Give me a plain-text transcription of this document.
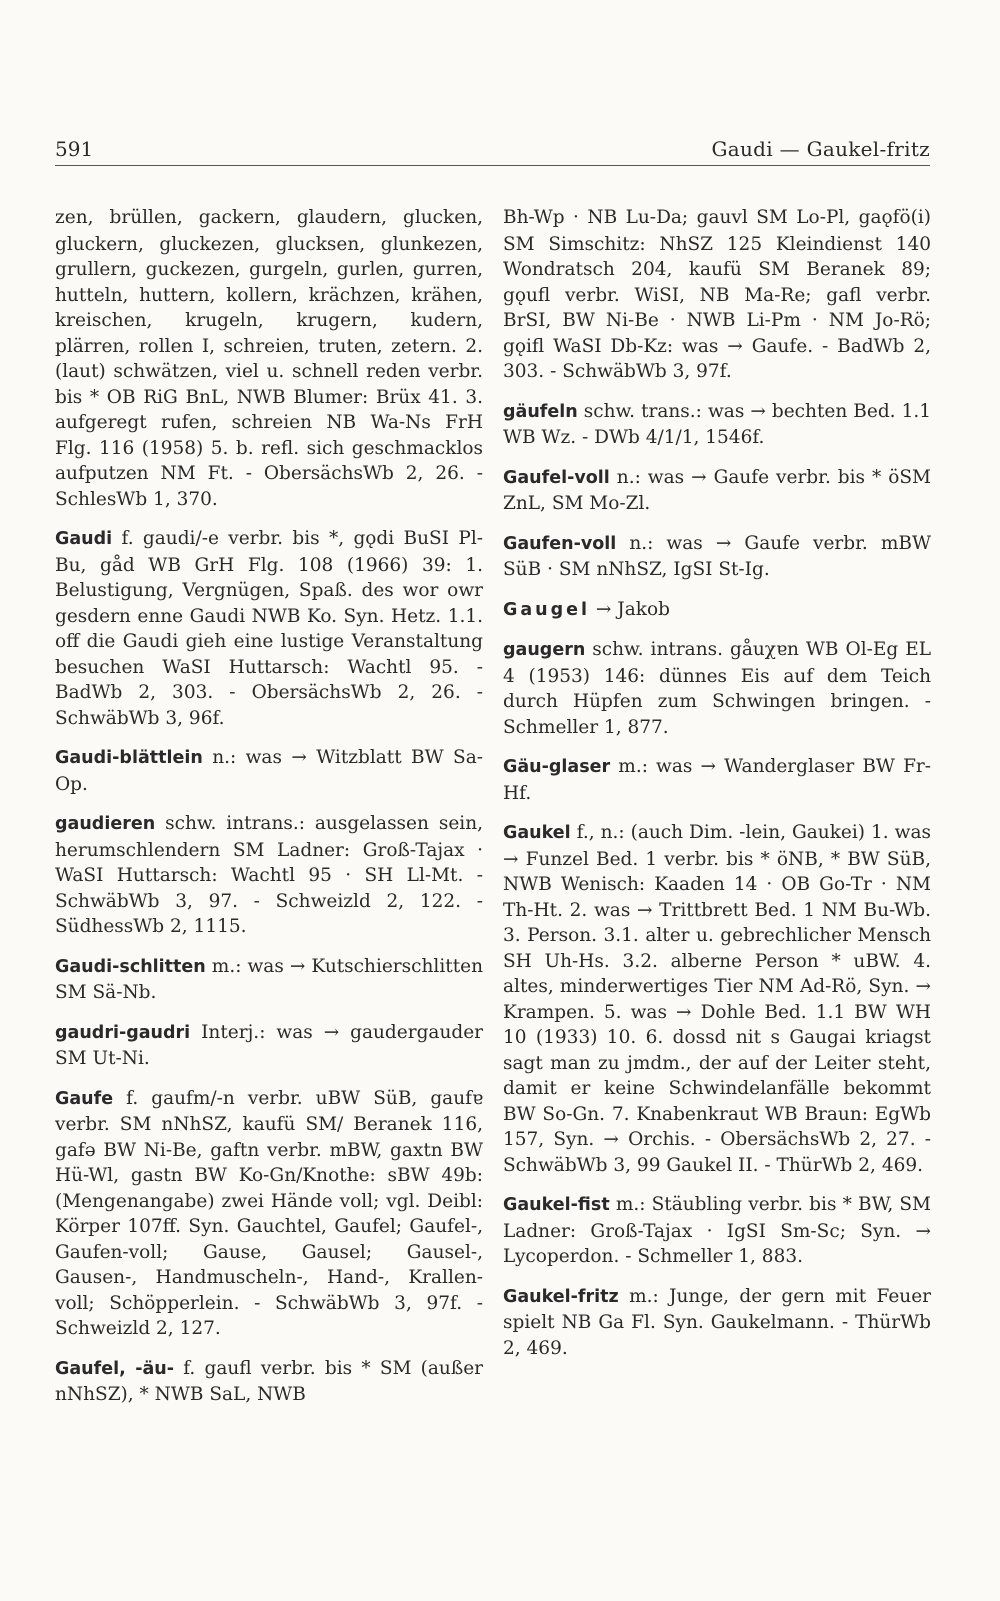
591	Gaudi — Gaukel-fritz

zen, brüllen, gackern, glaudern, glucken, gluckern, gluckezen, glucksen, glunkezen, grullern, guckezen, gurgeln, gurlen, gurren, hutteln, huttern, kollern, krächzen, krähen, kreischen, krugeln, krugern, kudern, plärren, rollen I, schreien, truten, zetern. 2. (laut) schwätzen, viel u. schnell reden verbr. bis * OB RiG BnL, NWB Blumer: Brüx 41. 3. aufgeregt rufen, schreien NB Wa-Ns FrH Flg. 116 (1958) 5. b. refl. sich geschmacklos aufputzen NM Ft. - ObersächsWb 2, 26. - SchlesWb 1, 370.

Gaudi f. gaudi/-e verbr. bis *, gǫdi BuSI Pl-Bu, gåd WB GrH Flg. 108 (1966) 39: 1. Belustigung, Vergnügen, Spaß. des wor owr gesdern enne Gaudi NWB Ko. Syn. Hetz. 1.1. off die Gaudi gieh eine lustige Veranstaltung besuchen WaSI Huttarsch: Wachtl 95. - BadWb 2, 303. - ObersächsWb 2, 26. - SchwäbWb 3, 96f.

Gaudi-blättlein n.: was → Witzblatt BW Sa-Op.

gaudieren schw. intrans.: ausgelassen sein, herumschlendern SM Ladner: Groß-Tajax · WaSI Huttarsch: Wachtl 95 · SH Ll-Mt. - SchwäbWb 3, 97. - Schweizld 2, 122. - SüdhessWb 2, 1115.

Gaudi-schlitten m.: was → Kutschierschlitten SM Sä-Nb.

gaudri-gaudri Interj.: was → gaudergauder SM Ut-Ni.

Gaufe f. gaufm/-n verbr. uBW SüB, gaufɐ verbr. SM nNhSZ, kaufü SM/ Beranek 116, gafə BW Ni-Be, gaftn verbr. mBW, gaxtn BW Hü-Wl, gastn BW Ko-Gn/Knothe: sBW 49b: (Mengenangabe) zwei Hände voll; vgl. Deibl: Körper 107ff. Syn. Gauchtel, Gaufel; Gaufel-, Gaufen-voll; Gause, Gausel; Gausel-, Gausen-, Handmuscheln-, Hand-, Krallen-voll; Schöpperlein. - SchwäbWb 3, 97f. - Schweizld 2, 127.

Gaufel, -äu- f. gaufl verbr. bis * SM (außer nNhSZ), * NWB SaL, NWB

Bh-Wp · NB Lu-Da; gauvl SM Lo-Pl, gaǫfö(i) SM Simschitz: NhSZ 125 Kleindienst 140 Wondratsch 204, kaufü SM Beranek 89; gǫufl verbr. WiSI, NB Ma-Re; gafl verbr. BrSI, BW Ni-Be · NWB Li-Pm · NM Jo-Rö; gǫifl WaSI Db-Kz: was → Gaufe. - BadWb 2, 303. - SchwäbWb 3, 97f.

gäufeln schw. trans.: was → bechten Bed. 1.1 WB Wz. - DWb 4/1/1, 1546f.

Gaufel-voll n.: was → Gaufe verbr. bis * öSM ZnL, SM Mo-Zl.

Gaufen-voll n.: was → Gaufe verbr. mBW SüB · SM nNhSZ, IgSI St-Ig.

Gaugel → Jakob

gaugern schw. intrans. gåuχɐn WB Ol-Eg EL 4 (1953) 146: dünnes Eis auf dem Teich durch Hüpfen zum Schwingen bringen. - Schmeller 1, 877.

Gäu-glaser m.: was → Wanderglaser BW Fr-Hf.

Gaukel f., n.: (auch Dim. -lein, Gaukei) 1. was → Funzel Bed. 1 verbr. bis * öNB, * BW SüB, NWB Wenisch: Kaaden 14 · OB Go-Tr · NM Th-Ht. 2. was → Trittbrett Bed. 1 NM Bu-Wb. 3. Person. 3.1. alter u. gebrechlicher Mensch SH Uh-Hs. 3.2. alberne Person * uBW. 4. altes, minderwertiges Tier NM Ad-Rö, Syn. → Krampen. 5. was → Dohle Bed. 1.1 BW WH 10 (1933) 10. 6. dossd nit s Gaugai kriagst sagt man zu jmdm., der auf der Leiter steht, damit er keine Schwindelanfälle bekommt BW So-Gn. 7. Knabenkraut WB Braun: EgWb 157, Syn. → Orchis. - ObersächsWb 2, 27. - SchwäbWb 3, 99 Gaukel II. - ThürWb 2, 469.

Gaukel-fist m.: Stäubling verbr. bis * BW, SM Ladner: Groß-Tajax · IgSI Sm-Sc; Syn. → Lycoperdon. - Schmeller 1, 883.

Gaukel-fritz m.: Junge, der gern mit Feuer spielt NB Ga Fl. Syn. Gaukelmann. - ThürWb 2, 469.
